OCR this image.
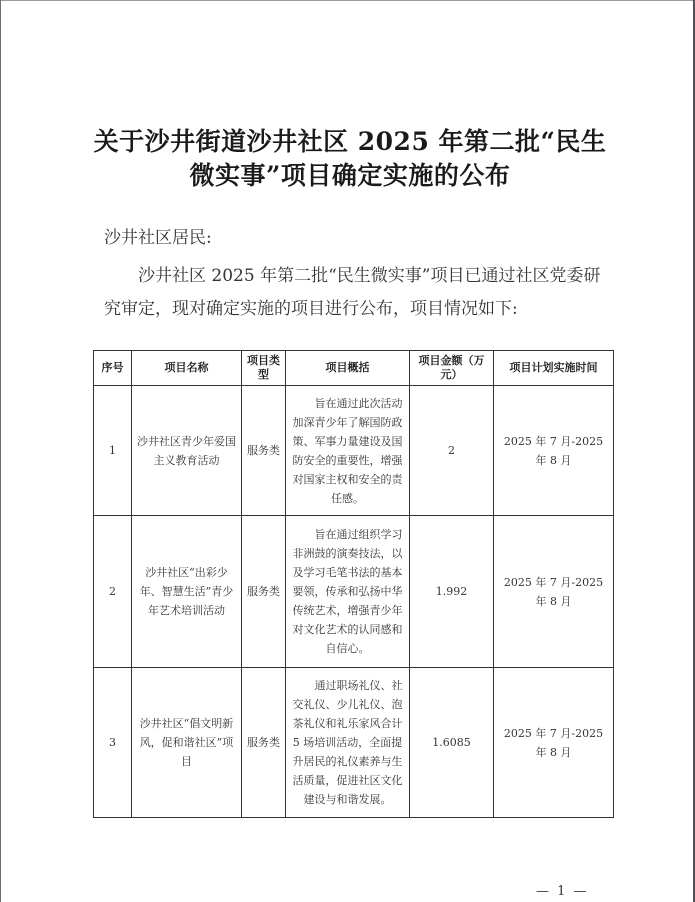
关于沙井街道沙井社区 2025 年第二批“民生
微实事”项目确定实施的公布
沙井社区居民:
沙井社区 2025 年第二批“民生微实事”项目已通过社区党委研究审定，现对确定实施的项目进行公布，项目情况如下:
序号	项目名称	项目类型	项目概括	项目金额（万元）	项目计划实施时间
1	沙井社区青少年爱国主义教育活动	服务类	旨在通过此次活动加深青少年了解国防政策、军事力量建设及国防安全的重要性，增强对国家主权和安全的责任感。	2	2025 年 7 月-2025 年 8 月
2	沙井社区“出彩少年、智慧生活”青少年艺术培训活动	服务类	旨在通过组织学习非洲鼓的演奏技法，以及学习毛笔书法的基本要领，传承和弘扬中华传统艺术，增强青少年对文化艺术的认同感和自信心。	1.992	2025 年 7 月-2025 年 8 月
3	沙井社区“倡文明新风，促和谐社区”项目	服务类	通过职场礼仪、社交礼仪、少儿礼仪、泡茶礼仪和礼乐家风合计 5 场培训活动，全面提升居民的礼仪素养与生活质量，促进社区文化建设与和谐发展。	1.6085	2025 年 7 月-2025 年 8 月
— 1 —
